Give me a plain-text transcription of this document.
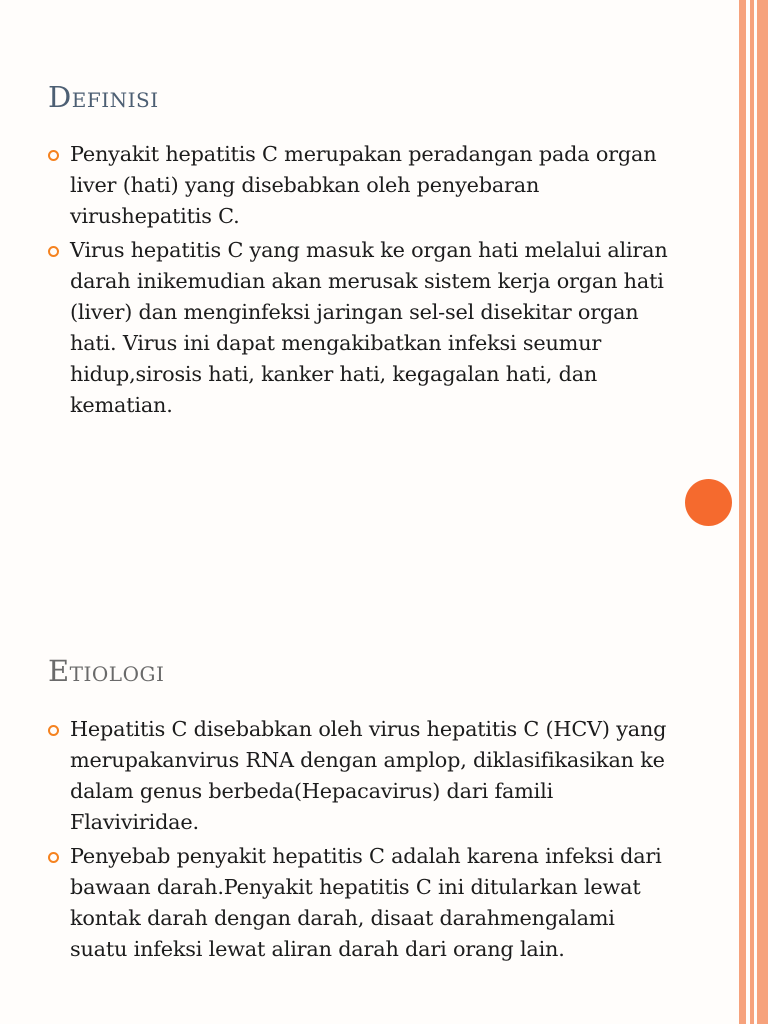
Definisi
Penyakit hepatitis C merupakan peradangan pada organ liver (hati) yang disebabkan oleh penyebaran virushepatitis C.
Virus hepatitis C yang masuk ke organ hati melalui aliran darah inikemudian akan merusak sistem kerja organ hati (liver) dan menginfeksi jaringan sel-sel disekitar organ hati. Virus ini dapat mengakibatkan infeksi seumur hidup,sirosis hati, kanker hati, kegagalan hati, dan kematian.
Etiologi
Hepatitis C disebabkan oleh virus hepatitis C (HCV) yang merupakanvirus RNA dengan amplop, diklasifikasikan ke dalam genus berbeda(Hepacavirus) dari famili Flaviviridae.
Penyebab penyakit hepatitis C adalah karena infeksi dari bawaan darah.Penyakit hepatitis C ini ditularkan lewat kontak darah dengan darah, disaat darahmengalami suatu infeksi lewat aliran darah dari orang lain.
